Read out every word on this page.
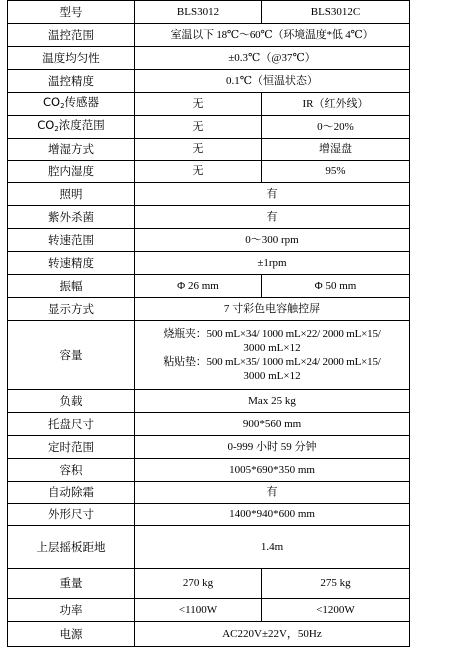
型号	BLS3012	BLS3012C
温控范围	室温以下 18℃～60℃（环境温度*低 4℃）	
温度均匀性	±0.3℃（@37℃）	
温控精度	0.1℃（恒温状态）	
$CO_2$传感器	无	IR（红外线）
$CO_2$浓度范围	无	0～20%
增湿方式	无	增湿盘
腔内湿度	无	95%
照明	有	
紫外杀菌	有	
转速范围	0～300 rpm	
转速精度	±1rpm	
振幅	Φ 26 mm	Φ 50 mm
显示方式	7 寸彩色电容触控屏	
容量	烧瓶夹：500 mL×34/ 1000 mL×22/ 2000 mL×15/
3000 mL×12
粘贴垫：500 mL×35/ 1000 mL×24/ 2000 mL×15/
3000 mL×12	

负载	Max 25 kg	
托盘尺寸	900*560 mm	
定时范围	0-999 小时 59 分钟	
容积	1005*690*350 mm	
自动除霜	有	
外形尺寸	1400*940*600 mm	
上层摇板距地	1.4m	
重量	270 kg	275 kg
功率	<1100W	<1200W
电源	AC220V±22V，50Hz	
